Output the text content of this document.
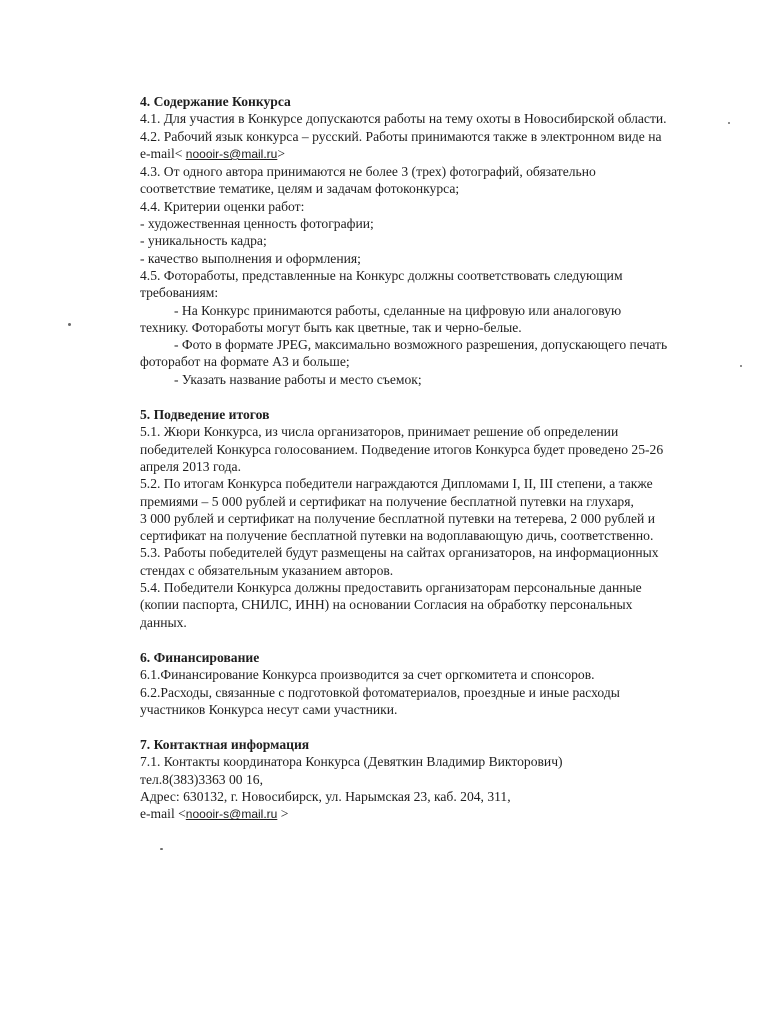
4. Содержание Конкурса
4.1. Для участия в Конкурсе допускаются работы на тему охоты в Новосибирской области.
4.2. Рабочий язык конкурса – русский. Работы принимаются также в электронном виде на
e-mail< nooоir-s@mail.ru>
4.3. От одного автора принимаются не более 3 (трех) фотографий, обязательно
соответствие тематике, целям и задачам фотоконкурса;
4.4. Критерии оценки работ:
- художественная ценность фотографии;
- уникальность кадра;
- качество выполнения и оформления;
4.5. Фотоработы, представленные на Конкурс должны соответствовать следующим
требованиям:
- На Конкурс принимаются работы, сделанные на цифровую или аналоговую
технику. Фотоработы могут быть как цветные, так и черно-белые.
- Фото в формате JPEG, максимально возможного разрешения, допускающего печать
фоторабот на формате А3 и больше;
- Указать название работы и место съемок;
5. Подведение итогов
5.1. Жюри Конкурса, из числа организаторов, принимает решение об определении
победителей Конкурса голосованием. Подведение итогов Конкурса будет проведено 25-26
апреля 2013 года.
5.2. По итогам Конкурса победители награждаются Дипломами I, II, III степени, а также
премиями – 5 000 рублей и сертификат на получение бесплатной путевки на глухаря,
3 000 рублей и сертификат на получение бесплатной путевки на тетерева, 2 000 рублей и
сертификат на получение бесплатной путевки на водоплавающую дичь, соответственно.
5.3. Работы победителей будут размещены на сайтах организаторов, на информационных
стендах с обязательным указанием авторов.
5.4. Победители Конкурса должны предоставить организаторам персональные данные
(копии паспорта, СНИЛС, ИНН) на основании Согласия на обработку персональных
данных.
6. Финансирование
6.1.Финансирование Конкурса производится за счет оргкомитета и спонсоров.
6.2.Расходы, связанные с подготовкой фотоматериалов, проездные и иные расходы
участников Конкурса несут сами участники.
7. Контактная информация
7.1. Контакты координатора Конкурса (Девяткин Владимир Викторович)
тел.8(383)3363 00 16,
Адрес: 630132, г. Новосибирск, ул. Нарымская 23, каб. 204, 311,
e-mail <nooоir-s@mail.ru >
